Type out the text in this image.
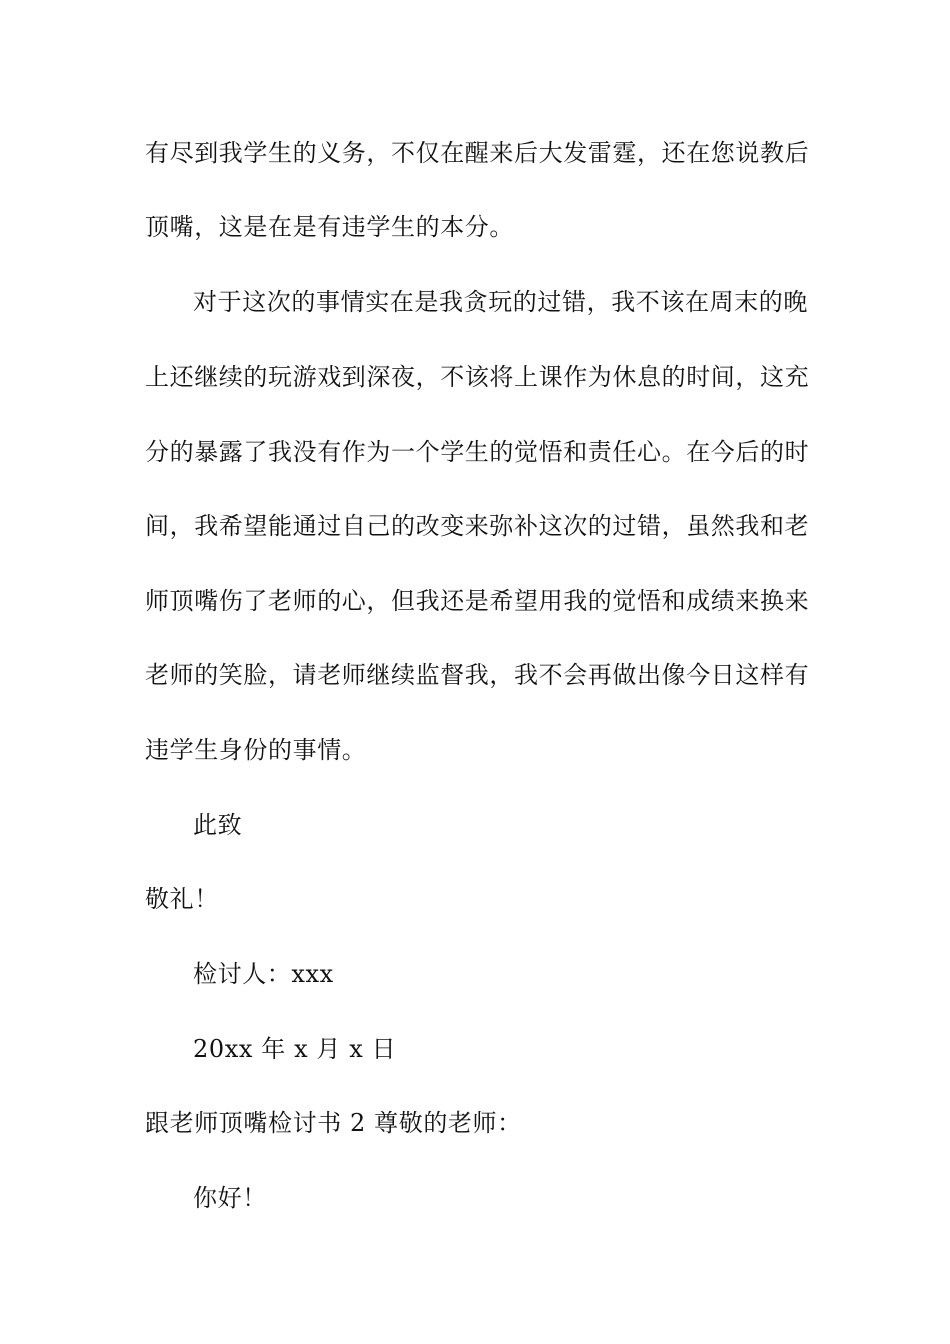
有尽到我学生的义务，不仅在醒来后大发雷霆，还在您说教后
顶嘴，这是在是有违学生的本分。
对于这次的事情实在是我贪玩的过错，我不该在周末的晚
上还继续的玩游戏到深夜，不该将上课作为休息的时间，这充
分的暴露了我没有作为一个学生的觉悟和责任心。在今后的时
间，我希望能通过自己的改变来弥补这次的过错，虽然我和老
师顶嘴伤了老师的心，但我还是希望用我的觉悟和成绩来换来
老师的笑脸，请老师继续监督我，我不会再做出像今日这样有
违学生身份的事情。
此致
敬礼！
检讨人：xxx
20xx 年 x 月 x 日
跟老师顶嘴检讨书 2 尊敬的老师：
你好！
